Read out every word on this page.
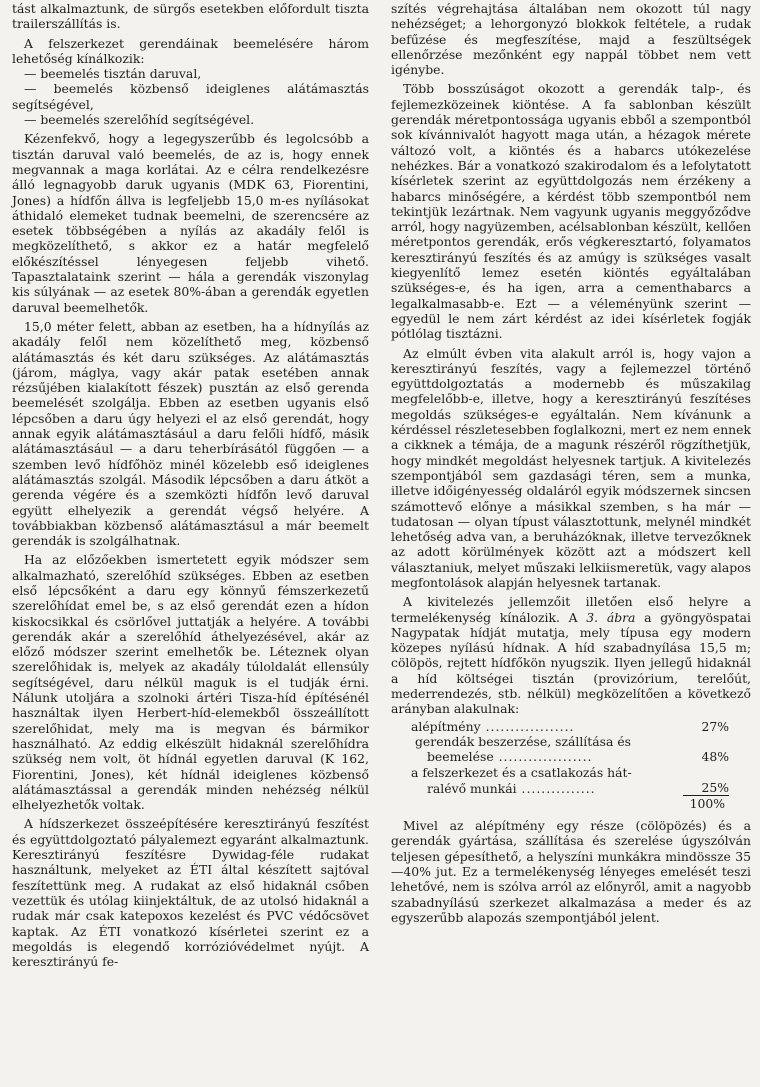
tást alkalmaztunk, de sürgős esetekben előfordult tiszta trailerszállítás is.

A felszerkezet gerendáinak beemelésére három lehetőség kínálkozik:

— beemelés tisztán daruval,
— beemelés közbenső ideiglenes alátámasztás segítségével,
— beemelés szerelőhíd segítségével.

Kézenfekvő, hogy a legegyszerűbb és legolcsóbb a tisztán daruval való beemelés, de az is, hogy ennek megvannak a maga korlátai. Az e célra rendelkezésre álló legnagyobb daruk ugyanis (MDK 63, Fiorentini, Jones) a hídfőn állva is legfeljebb 15,0 m-es nyílásokat áthidaló elemeket tudnak beemelni, de szerencsére az esetek többségében a nyílás az akadály felől is megközelíthető, s akkor ez a határ megfelelő előkészítéssel lényegesen feljebb vihető. Tapasztalataink szerint — hála a gerendák viszonylag kis súlyának — az esetek 80%-ában a gerendák egyetlen daruval beemelhetők.

15,0 méter felett, abban az esetben, ha a hídnyílás az akadály felől nem közelíthető meg, közbenső alátámasztás és két daru szükséges. Az alátámasztás (járom, máglya, vagy akár patak esetében annak rézsűjében kialakított fészek) pusztán az első gerenda beemelését szolgálja. Ebben az esetben ugyanis első lépcsőben a daru úgy helyezi el az első gerendát, hogy annak egyik alátámasztásául a daru felőli hídfő, másik alátámasztásául — a daru teherbírásától függően — a szemben levő hídfőhöz minél közelebb eső ideiglenes alátámasztás szolgál. Második lépcsőben a daru átköt a gerenda végére és a szemközti hídfőn levő daruval együtt elhelyezik a gerendát végső helyére. A továbbiakban közbenső alátámasztásul a már beemelt gerendák is szolgálhatnak.

Ha az előzőekben ismertetett egyik módszer sem alkalmazható, szerelőhíd szükséges. Ebben az esetben első lépcsőként a daru egy könnyű fémszerkezetű szerelőhídat emel be, s az első gerendát ezen a hídon kiskocsikkal és csörlővel juttatják a helyére. A további gerendák akár a szerelőhíd áthelyezésével, akár az előző módszer szerint emelhetők be. Léteznek olyan szerelőhidak is, melyek az akadály túloldalát ellensúly segítségével, daru nélkül maguk is el tudják érni. Nálunk utoljára a szolnoki ártéri Tisza-híd építésénél használtak ilyen Herbert-híd-elemekből összeállított szerelőhidat, mely ma is megvan és bármikor használható. Az eddig elkészült hidaknál szerelőhídra szükség nem volt, öt hídnál egyetlen daruval (K 162, Fiorentini, Jones), két hídnál ideiglenes közbenső alátámasztással a gerendák minden nehézség nélkül elhelyezhetők voltak.

A hídszerkezet összeépítésére keresztirányú feszítést és együttdolgoztató pályalemezt egyaránt alkalmaztunk. Keresztirányú feszítésre Dywidag-féle rudakat használtunk, melyeket az ÉTI által készített sajtóval feszítettünk meg. A rudakat az első hidaknál csőben vezettük és utólag kiinjektáltuk, de az utolsó hidaknál a rudak már csak katepoxos kezelést és PVC védőcsövet kaptak. Az ÉTI vonatkozó kísérletei szerint ez a megoldás is elegendő korrózióvédelmet nyújt. A keresztirányú fe-

szítés végrehajtása általában nem okozott túl nagy nehézséget; a lehorgonyzó blokkok feltétele, a rudak befűzése és megfeszítése, majd a feszültségek ellenőrzése mezőnként egy nappál többet nem vett igénybe.

Több bosszúságot okozott a gerendák talp-, és fejlemezközeinek kiöntése. A fa sablonban készült gerendák méretpontossága ugyanis ebből a szempontból sok kívánnivalót hagyott maga után, a hézagok mérete változó volt, a kiöntés és a habarcs utókezelése nehézkes. Bár a vonatkozó szakirodalom és a lefolytatott kísérletek szerint az együttdolgozás nem érzékeny a habarcs minőségére, a kérdést több szempontból nem tekintjük lezártnak. Nem vagyunk ugyanis meggyőződve arról, hogy nagyüzemben, acélsablonban készült, kellően méretpontos gerendák, erős végkeresztartó, folyamatos keresztirányú feszítés és az amúgy is szükséges vasalt kiegyenlítő lemez esetén kiöntés egyáltalában szükséges-e, és ha igen, arra a cementhabarcs a legalkalmasabb-e. Ezt — a véleményünk szerint — egyedül le nem zárt kérdést az idei kísérletek fogják pótlólag tisztázni.

Az elmúlt évben vita alakult arról is, hogy vajon a keresztirányú feszítés, vagy a fejlemezzel történő együttdolgoztatás a modernebb és műszakilag megfelelőbb-e, illetve, hogy a keresztirányú feszítéses megoldás szükséges-e egyáltalán. Nem kívánunk a kérdéssel részletesebben foglalkozni, mert ez nem ennek a cikknek a témája, de a magunk részéről rögzíthetjük, hogy mindkét megoldást helyesnek tartjuk. A kivitelezés szempontjából sem gazdasági téren, sem a munka, illetve időigényesség oldaláról egyik módszernek sincsen számottevő előnye a másikkal szemben, s ha már — tudatosan — olyan típust választottunk, melynél mindkét lehetőség adva van, a beruházóknak, illetve tervezőknek az adott körülmények között azt a módszert kell választaniuk, melyet műszaki lelkiismeretük, vagy alapos megfontolások alapján helyesnek tartanak.

A kivitelezés jellemzőit illetően első helyre a termelékenység kínálozik. A 3. ábra a gyöngyöspatai Nagypatak hídját mutatja, mely típusa egy modern közepes nyílású hídnak. A híd szabadnyílása 15,5 m; cölöpös, rejtett hídfőkön nyugszik. Ilyen jellegű hidaknál a híd költségei tisztán (provizórium, terelőút, mederrendezés, stb. nélkül) megközelítően a következő arányban alakulnak:

alépítmény ..................	27%
gerendák beszerzése, szállítása és
beemelése ...................	48%
a felszerkezet és a csatlakozás hát-
ralévő munkái ...............	25%
100%

Mivel az alépítmény egy része (cölöpözés) és a gerendák gyártása, szállítása és szerelése úgyszólván teljesen gépesíthető, a helyszíni munkákra mindössze 35—40% jut. Ez a termelékenység lényeges emelését teszi lehetővé, nem is szólva arról az előnyről, amit a nagyobb szabadnyílású szerkezet alkalmazása a meder és az egyszerűbb alapozás szempontjából jelent.
